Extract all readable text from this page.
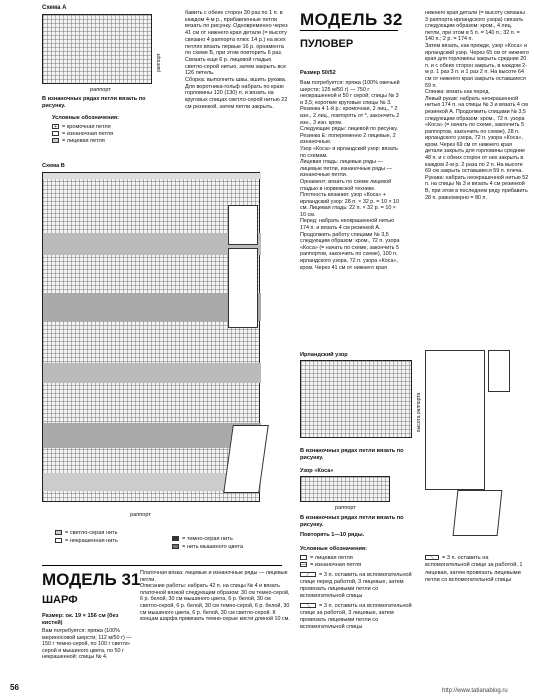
Схема А
раппорт
раппорт
В изнаночных рядах петли вязать по рисунку.
Условные обозначения:
+ = кромочная петля
= изнаночная петля
= лицевая петля
Схема В
раппорт
= светло-серая нить
= некрашенная нить	= темно-серая нить
= нить мышиного цвета
бавить с обеих сторон 30 раз по 1 п. в каждом 4-м р., прибавленные петли вязать по рисунку. Одновременно через 41 см от нижнего края детали (= высоту связано 4 раппорта плюс 14 р.) на всех петлях вязать первые 16 р. орнамента по схеме Б, при этом повторить 6 раз. Связать еще 6 р. лицевой гладью светло-серой нитью, затем закрыть все 126 петель.
Сборка: выполнить швы, вшить рукава. Для воротника-гольф набрать по краю горловины 120 (130) п. и вязать на круговых спицах светло-серой нитью 22 см резинкой, затем петли закрыть.
МОДЕЛЬ 32
ПУЛОВЕР
Размер 50/52
Вам потребуется: пряжа (100% овечьей шерсти; 125 м/50 г) — 750 г неокрашенной и 50 г серой; спицы № 3 и 3,5; короткие круговые спицы № 3.
Резинка 4 1-й р.: кромочная, 2 лиц., * 2 изн., 2 лиц., повторять от *, закончить 2 изн., 3 изн. кром.
Следующие ряды: лицевой по рисунку.
Резинка Е: попеременно 2 лицевые, 2 изнаночные.
Узор «Коса» и ирландский узор: вязать по схемам.
Лицевая гладь: лицевые ряды — лицевые петли, изнаночные ряды — изнаночные петли.
Орнамент: вязать по схеме лицевой гладью в норвежской технике.
Плотность вязания: узор «Коса» + ирландский узор: 28 п. × 32 р. = 10 × 10 см. Лицевая гладь: 22 п. × 32 р. = 10 × 10 см.
Перед: набрать неокрашенной нитью 174 п. и вязать 4 см резинкой А. Продолжить работу спицами № 3,5 следующим образом: кром., 72 п. узора «Коса» (= начать по схеме, закончить 5 раппортов, закончить по схеме), 100 п. ирландского узора, 72 п. узора «Коса», кром. Через 41 см от нижнего края
Ирландский узор
высота раппорта
В изнаночных рядах петли вязать по рисунку.
Узор «Коса»
раппорт
В изнаночных рядах петли вязать по рисунку.
Повторять 1—10 ряды.
Условные обозначения:
= лицевая петля
— = изнаночная петля
⟋ = 3 п. оставить на вспомогательной спице перед работой, 3 лицевые, затем провязать лицевыми петли со вспомогательной спицы
⟍ = 3 п. оставить на вспомогательной спице за работой, 3 лицевые, затем провязать лицевыми петли со вспомогательной спицы
⟍ = 3 п. оставить на вспомогательной спице за работой, 1 лицевая, затем провязать лицевыми петли со вспомогательной спицы
нижнего края детали (= высоту связаны 3 раппорта ирландского узора) связать следующим образом: кром., 4 лиц. петли, при этом в 5 п. = 140 п.; 32 п. = 140 п.; 2 р. = 174 п.
Затем вязать, как прежде, узор «Коса» и ирландский узор. Через 65 см от нижнего края для горловины закрыть средние 20 п. и с обеих сторон закрыть, в каждом 2-м р. 1 раз 3 п. и 1 раз 2 п. На высоте 64 см от нижнего края закрыть оставшиеся 59 п.
Спинка: вязать как перед.
Левый рукав: набрать неокрашенной нитью 174 п. на спицы № 3 и вязать 4 см резинкой А. Продолжить спицами № 3,5 следующим образом: кром., 72 п. узора «Коса» (= начать по схеме, закончить 5 раппортов, закончить по схеме), 28 п. ирландского узора, 72 п. узора «Коса», кром. Через 69 см от нижнего края детали закрыть для горловины средние 48 п. и с обеих сторон от них закрыть в каждом 2-м р. 2 раза по 2 п. На высоте 69 см закрыть оставшиеся 59 п. плеча.
Рукава: набрать неокрашенной нитью 52 п. на спицы № 3 и вязать 4 см резинкой В, при этом в последнем ряду прибавить 28 п. равномерно = 80 п.
МОДЕЛЬ 31
ШАРФ
Размер: ок. 19 × 156 см (без кистей)
Вам потребуется: пряжа (100% мериносовой шерсти; 112 м/50 г) — 150 г темно-серой, по 100 г светло-серой и мышиного цвета, по 50 г некрашенной; спицы № 4.
Платочная вязка: лицевые и изнаночные ряды — лицевые петли.
Описание работы: набрать 42 п. на спицы № 4 и вязать платочной вязкой следующим образом: 30 см темно-серой, 6 р. белой, 30 см мышиного цвета, 6 р. белой, 30 см светло-серой, 6 р. белой, 30 см темно-серой, 6 р. белой, 30 см мышиного цвета, 6 р. белой, 30 см светло-серой. К концам шарфа привязать темно-серые кисти длиной 10 см.
56	http://www.tatianablog.ru
